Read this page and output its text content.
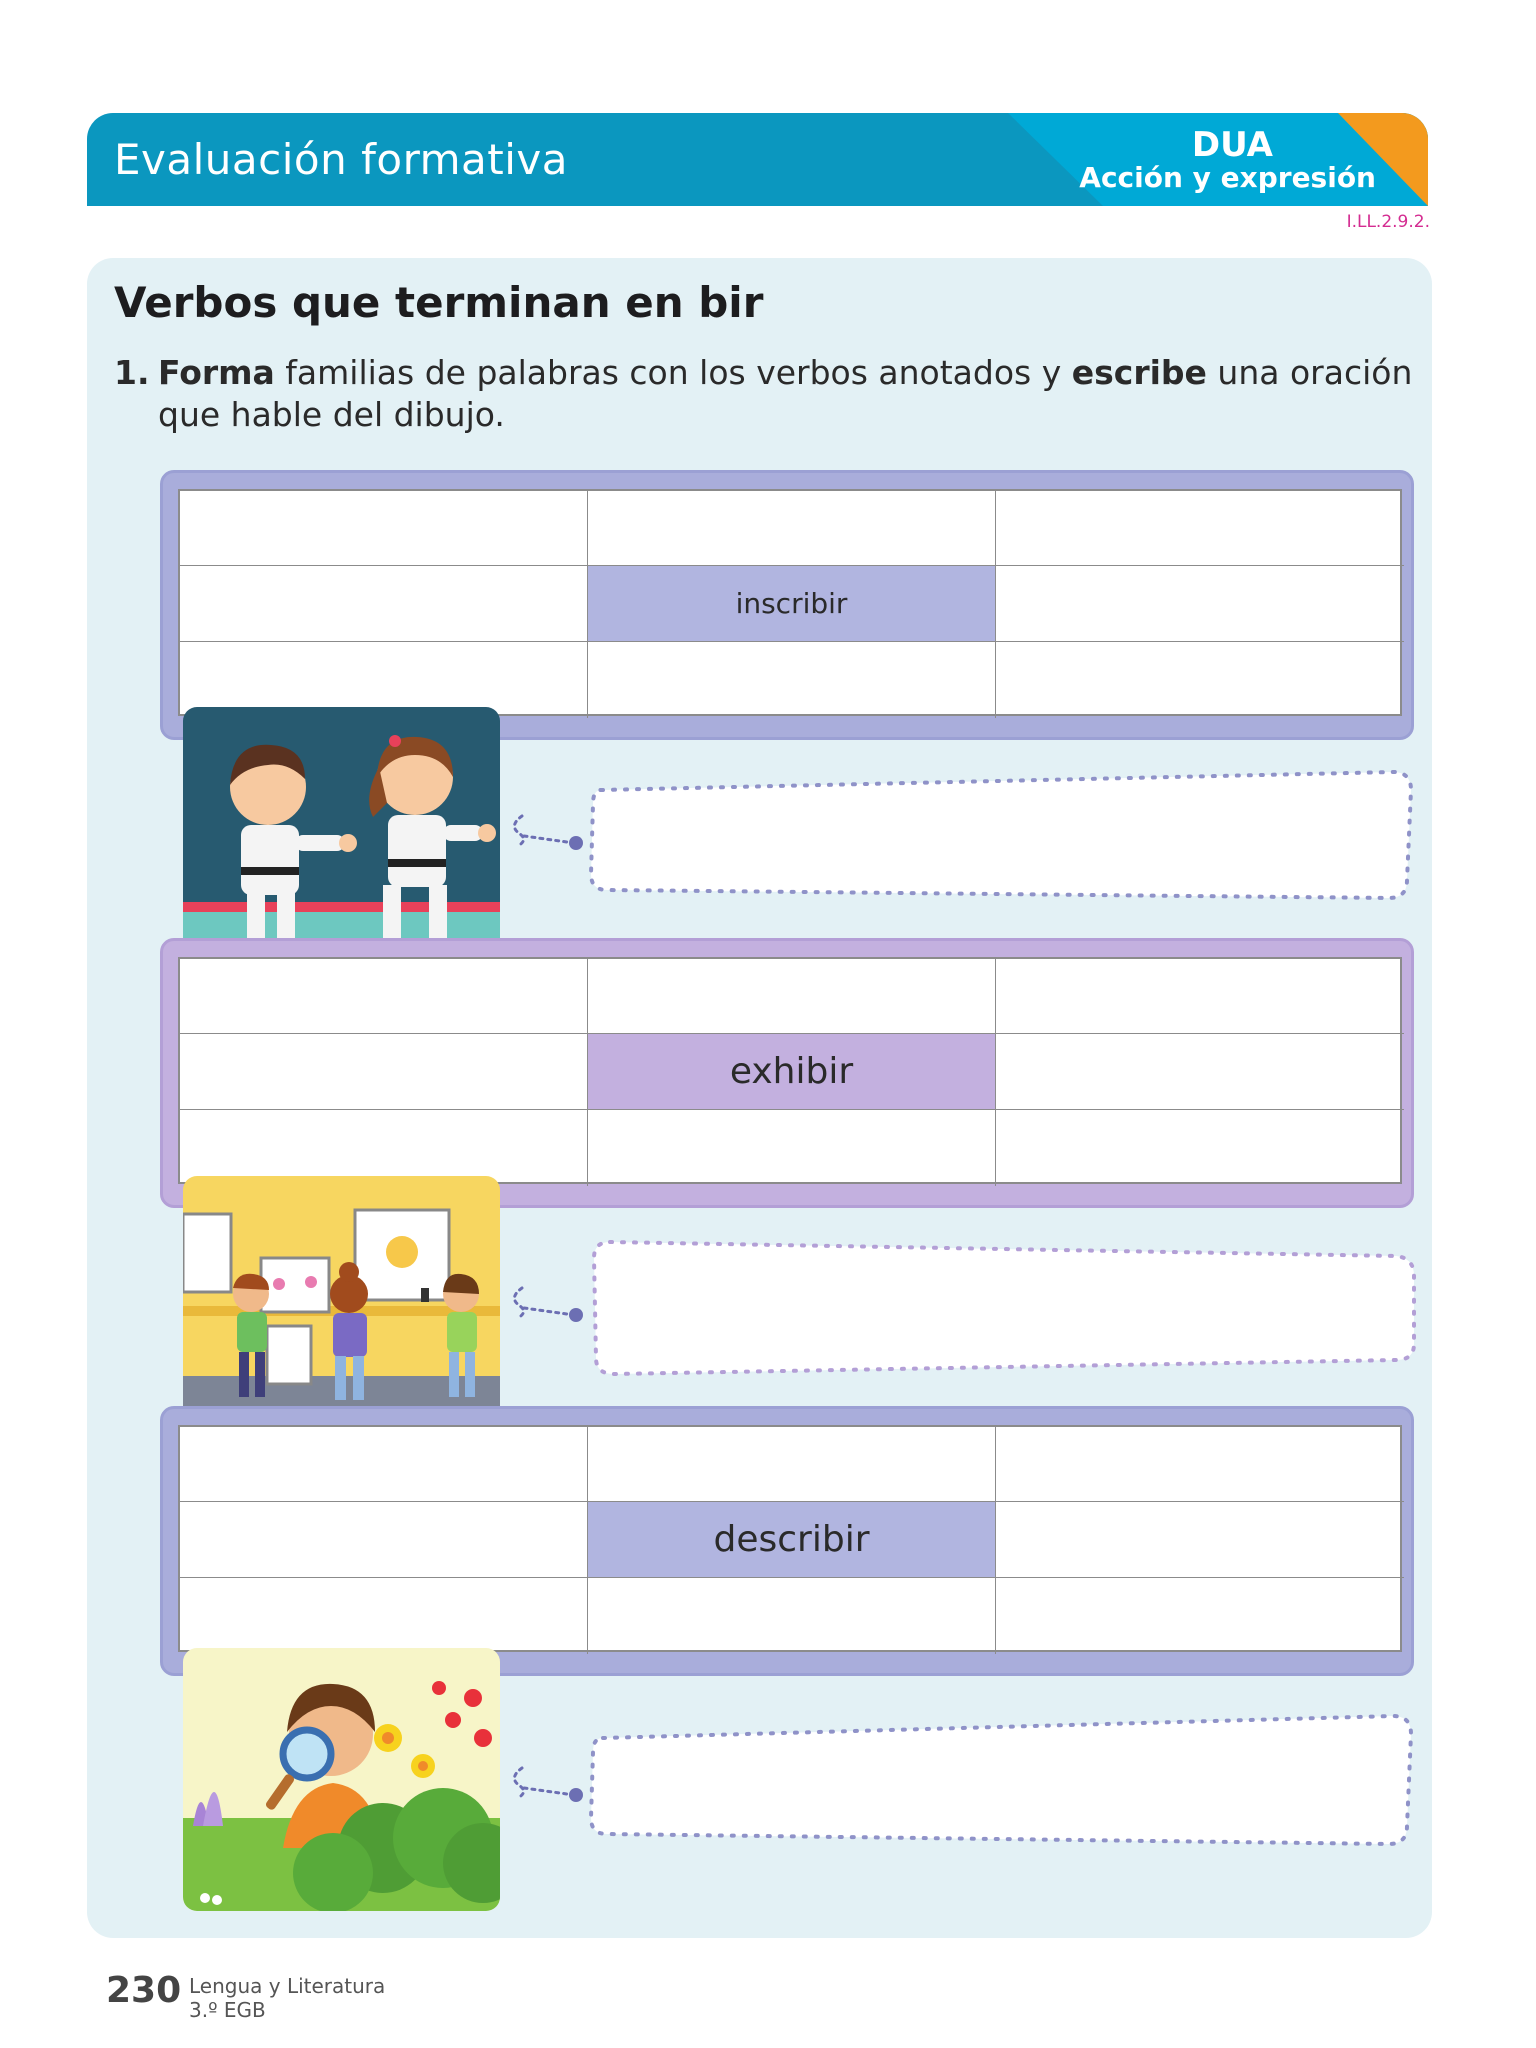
Evaluación formativa	DUA
Acción y expresión
I.LL.2.9.2.
Verbos que terminan en bir
1. Forma familias de palabras con los verbos anotados y escribe una oración
que hable del dibujo.
inscribir
exhibir
describir
230 Lengua y Literatura
3.º EGB
